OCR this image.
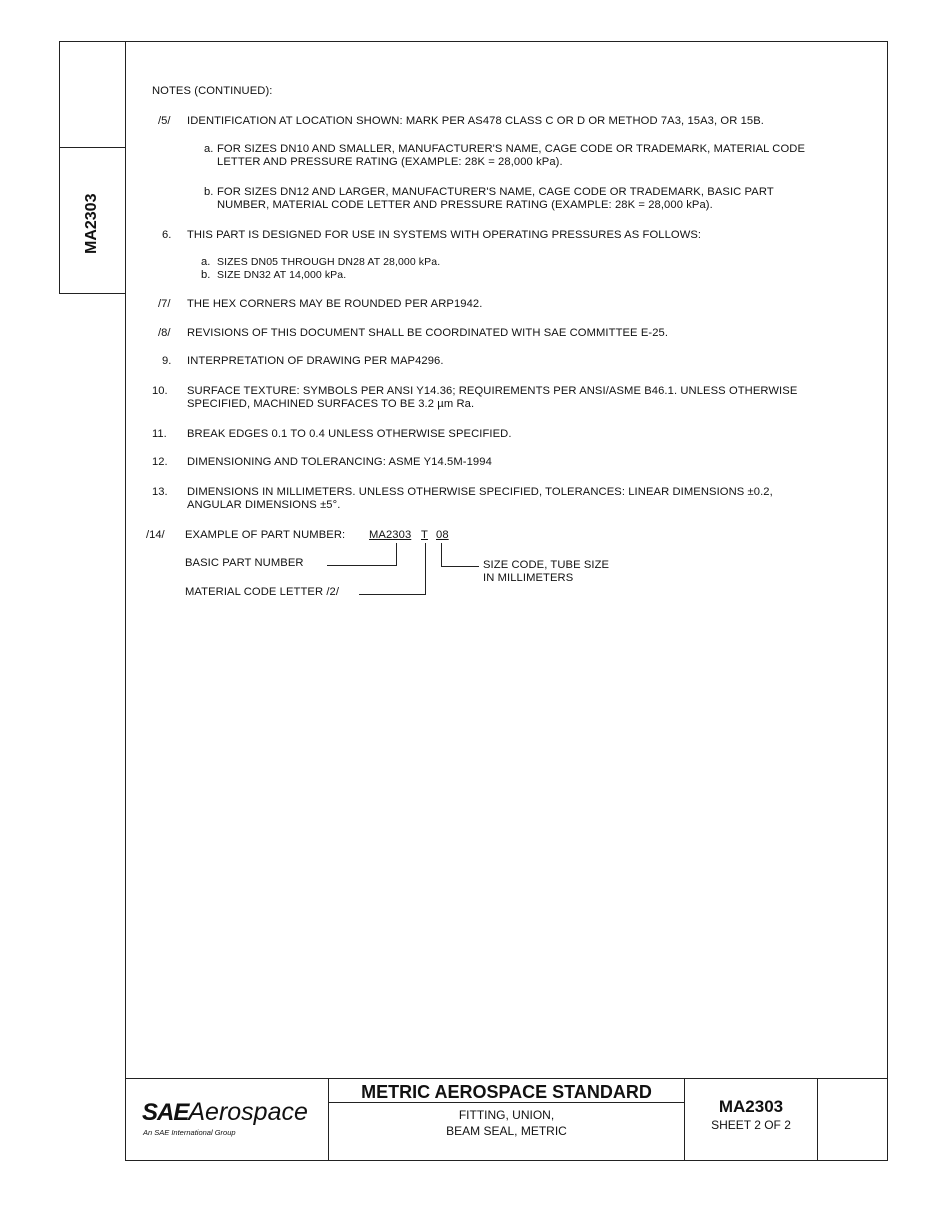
MA2303
NOTES (CONTINUED):
/5/ IDENTIFICATION AT LOCATION SHOWN: MARK PER AS478 CLASS C OR D OR METHOD 7A3, 15A3, OR 15B.
a. FOR SIZES DN10 AND SMALLER, MANUFACTURER'S NAME, CAGE CODE OR TRADEMARK, MATERIAL CODE
LETTER AND PRESSURE RATING (EXAMPLE: 28K = 28,000 kPa).
b. FOR SIZES DN12 AND LARGER, MANUFACTURER'S NAME, CAGE CODE OR TRADEMARK, BASIC PART
NUMBER, MATERIAL CODE LETTER AND PRESSURE RATING (EXAMPLE: 28K = 28,000 kPa).
6. THIS PART IS DESIGNED FOR USE IN SYSTEMS WITH OPERATING PRESSURES AS FOLLOWS:
a. SIZES DN05 THROUGH DN28 AT 28,000 kPa.
b. SIZE DN32 AT 14,000 kPa.
/7/ THE HEX CORNERS MAY BE ROUNDED PER ARP1942.
/8/ REVISIONS OF THIS DOCUMENT SHALL BE COORDINATED WITH SAE COMMITTEE E-25.
9. INTERPRETATION OF DRAWING PER MAP4296.
10. SURFACE TEXTURE: SYMBOLS PER ANSI Y14.36; REQUIREMENTS PER ANSI/ASME B46.1. UNLESS OTHERWISE
SPECIFIED, MACHINED SURFACES TO BE 3.2 µm Ra.
11. BREAK EDGES 0.1 TO 0.4 UNLESS OTHERWISE SPECIFIED.
12. DIMENSIONING AND TOLERANCING: ASME Y14.5M-1994
13. DIMENSIONS IN MILLIMETERS. UNLESS OTHERWISE SPECIFIED, TOLERANCES: LINEAR DIMENSIONS ±0.2,
ANGULAR DIMENSIONS ±5°.
/14/ EXAMPLE OF PART NUMBER: MA2303 T 08
BASIC PART NUMBER
MATERIAL CODE LETTER /2/
SIZE CODE, TUBE SIZE
IN MILLIMETERS
SAEAerospace
An SAE International Group
METRIC AEROSPACE STANDARD
FITTING, UNION,
BEAM SEAL, METRIC
MA2303
SHEET 2 OF 2
